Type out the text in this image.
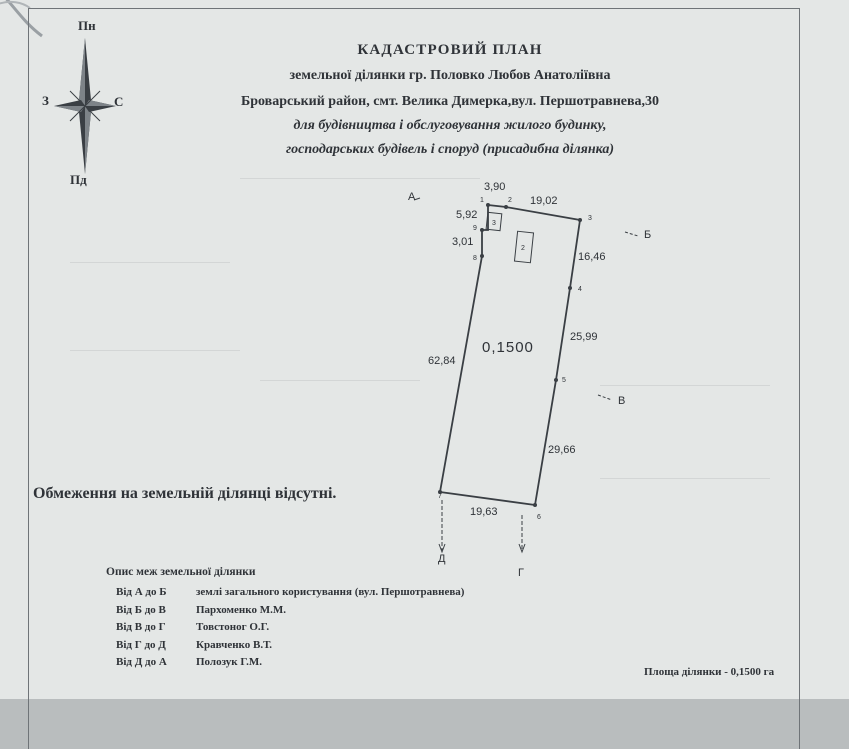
КАДАСТРОВИЙ ПЛАН
земельної ділянки гр. Половко Любов Анатоліївна
Броварський район, смт. Велика Димерка,вул. Першотравнева,30
для будівництва і обслуговування жилого будинку,
господарських будівель і споруд (присадибна ділянка)
Пн
З	С
Пд	3,90
19,02
5,92
3,01
16,46
25,99
62,84
29,66
19,63
1	2
3
4
5
6
7
8
9
3
2
0,1500
А
Б
В
Г
Д
Обмеження на земельній ділянці відсутні.
Опис меж земельної ділянки
Від А до Б	землі загального користування (вул. Першотравнева)
Від Б до В	Пархоменко М.М.
Від В до Г	Товстоног О.Г.
Від Г до Д	Кравченко В.Т.
Від Д до А	Полозук Г.М.
Площа ділянки - 0,1500 га
